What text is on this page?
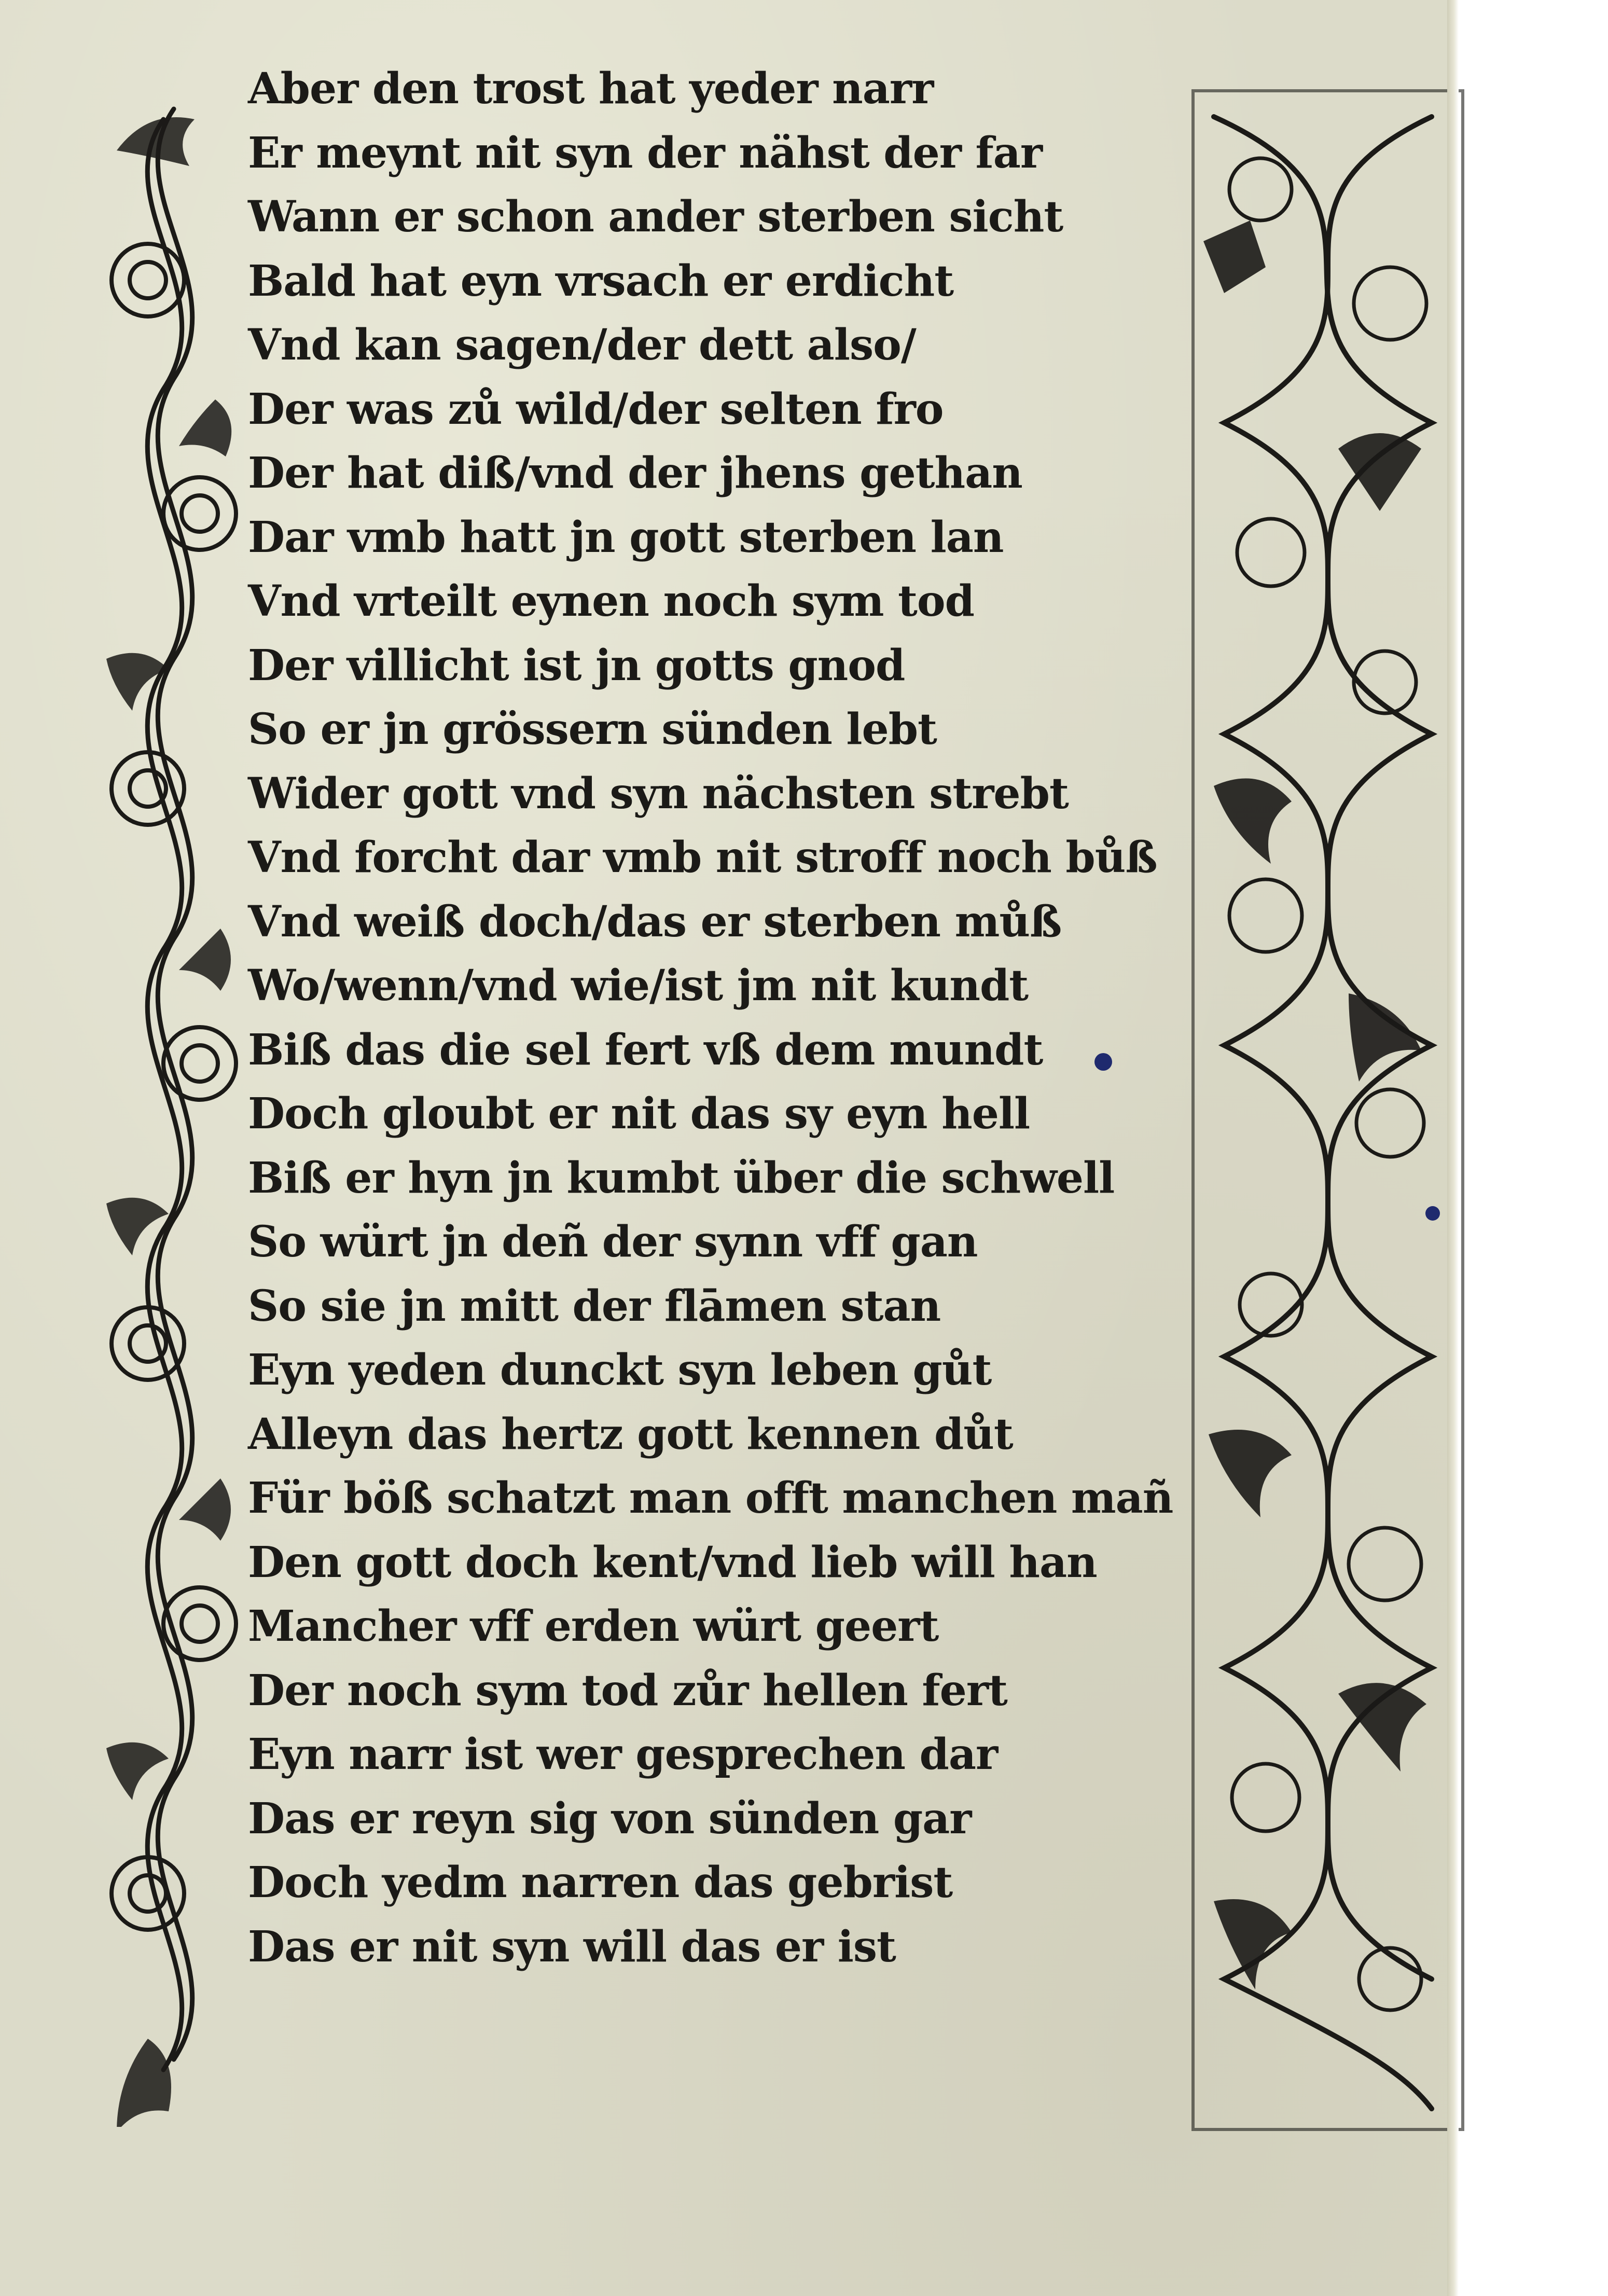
Aber den trost hat yeder narr
Er meynt nit syn der nähst der far
Wann er schon ander sterben sicht
Bald hat eyn vrsach er erdicht
Vnd kan sagen/der dett also/
Der was zů wild/der selten fro
Der hat diß/vnd der jhens gethan
Dar vmb hatt jn gott sterben lan
Vnd vrteilt eynen noch sym tod
Der villicht ist jn gotts gnod
So er jn grössern sünden lebt
Wider gott vnd syn nächsten strebt
Vnd forcht dar vmb nit stroff noch bůß
Vnd weiß doch/das er sterben můß
Wo/wenn/vnd wie/ist jm nit kundt
Biß das die sel fert vß dem mundt
Doch gloubt er nit das sy eyn hell
Biß er hyn jn kumbt über die schwell
So würt jn deñ der synn vff gan
So sie jn mitt der flāmen stan
Eyn yeden dunckt syn leben gůt
Alleyn das hertz gott kennen důt
Für böß schatzt man offt manchen mañ
Den gott doch kent/vnd lieb will han
Mancher vff erden würt geert
Der noch sym tod zůr hellen fert
Eyn narr ist wer gesprechen dar
Das er reyn sig von sünden gar
Doch yedm narren das gebrist
Das er nit syn will das er ist
